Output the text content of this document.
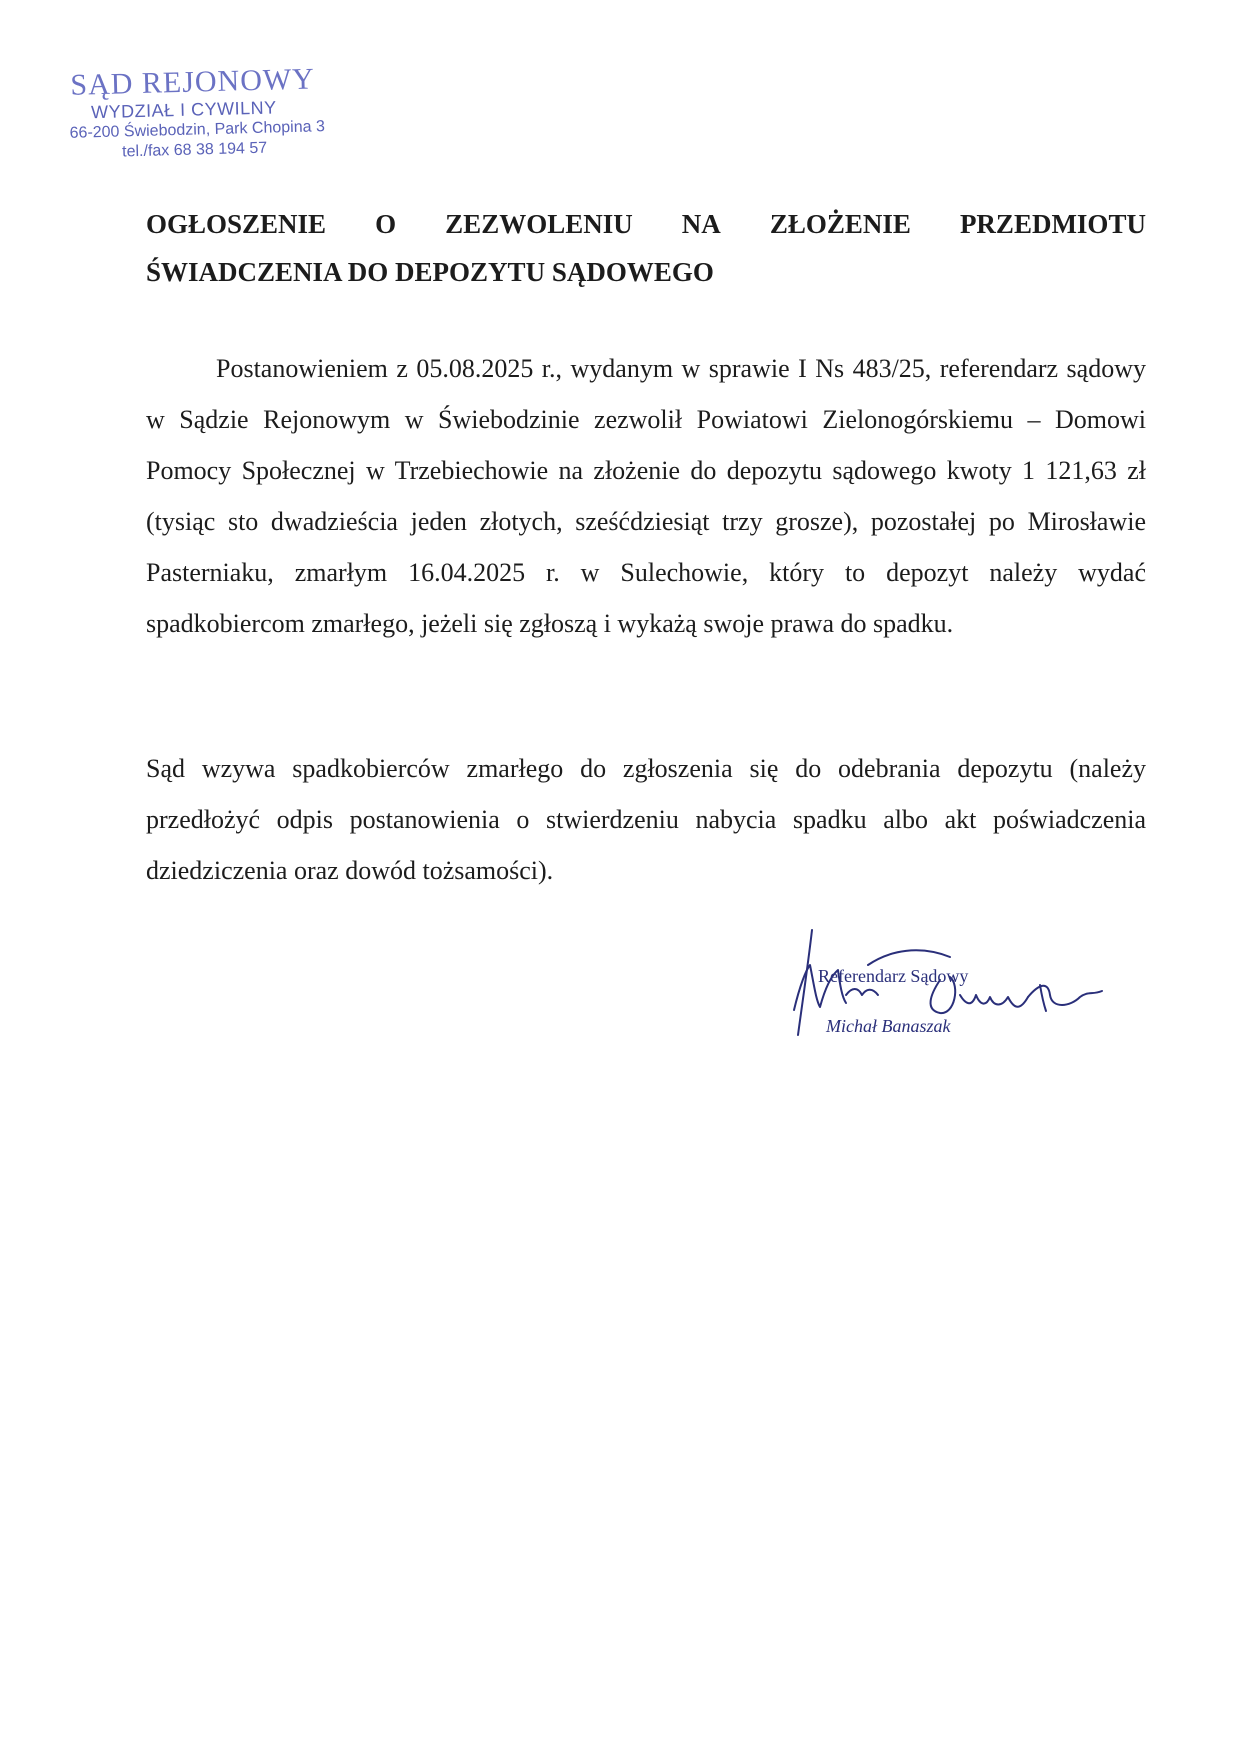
SĄD REJONOWY
WYDZIAŁ I CYWILNY
66-200 Świebodzin, Park Chopina 3
tel./fax 68 38 194 57
OGŁOSZENIE O ZEZWOLENIU NA ZŁOŻENIE PRZEDMIOTU
ŚWIADCZENIA DO DEPOZYTU SĄDOWEGO

Postanowieniem z 05.08.2025 r., wydanym w sprawie I Ns 483/25, referendarz sądowy w Sądzie Rejonowym w Świebodzinie zezwolił Powiatowi Zielonogórskiemu – Domowi Pomocy Społecznej w Trzebiechowie na złożenie do depozytu sądowego kwoty 1 121,63 zł (tysiąc sto dwadzieścia jeden złotych, sześćdziesiąt trzy grosze), pozostałej po Mirosławie Pasterniaku, zmarłym 16.04.2025 r. w Sulechowie, który to depozyt należy wydać spadkobiercom zmarłego, jeżeli się zgłoszą i wykażą swoje prawa do spadku.

Sąd wzywa spadkobierców zmarłego do zgłoszenia się do odebrania depozytu (należy przedłożyć odpis postanowienia o stwierdzeniu nabycia spadku albo akt poświadczenia dziedziczenia oraz dowód tożsamości).

Referendarz Sądowy
Michał Banaszak
